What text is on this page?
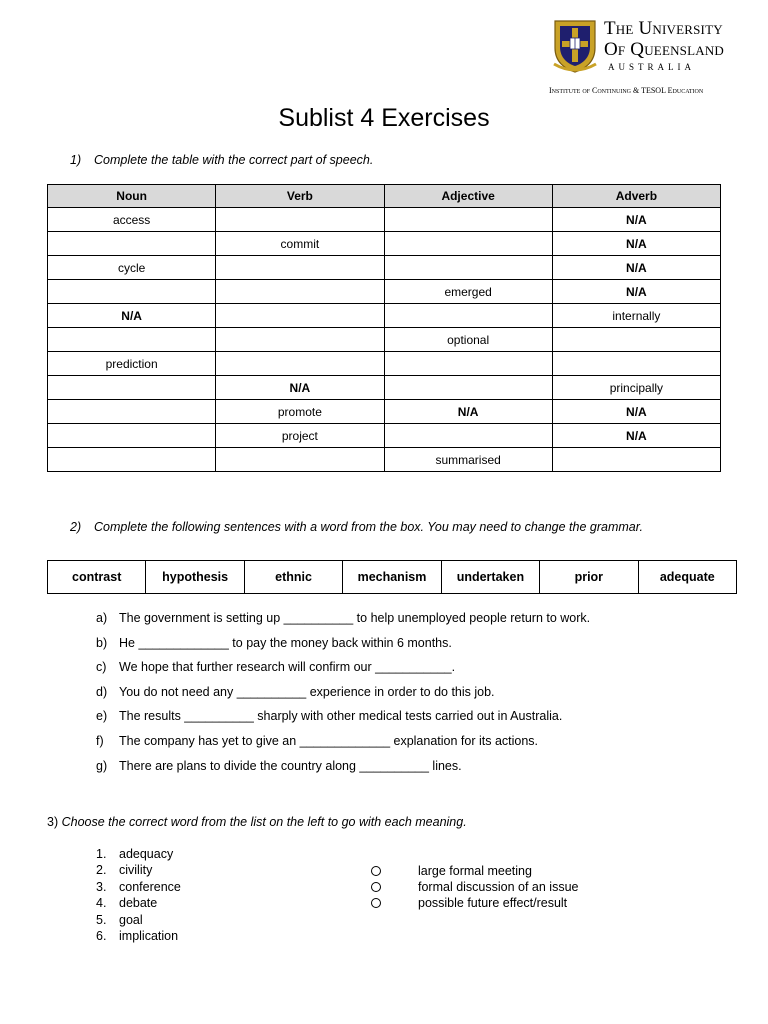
The University
Of Queensland
AUSTRALIA
Institute of Continuing & TESOL Education
Sublist 4 Exercises
1) Complete the table with the correct part of speech.
Noun	Verb	Adjective	Adverb
access			N/A
	commit		N/A
cycle			N/A
		emerged	N/A
N/A			internally
		optional	
prediction			
	N/A		principally
	promote	N/A	N/A
	project		N/A
		summarised	
2) Complete the following sentences with a word from the box. You may need to change the grammar.
contrast	hypothesis	ethnic	mechanism	undertaken	prior	adequate
a) The government is setting up __________ to help unemployed people return to work.
b) He _____________ to pay the money back within 6 months.
c) We hope that further research will confirm our ___________.
d) You do not need any __________ experience in order to do this job.
e) The results __________ sharply with other medical tests carried out in Australia.
f) The company has yet to give an _____________ explanation for its actions.
g) There are plans to divide the country along __________ lines.
3) Choose the correct word from the list on the left to go with each meaning.
1. adequacy
2. civility
3. conference
4. debate
5. goal
6. implication
large formal meeting
formal discussion of an issue
possible future effect/result
